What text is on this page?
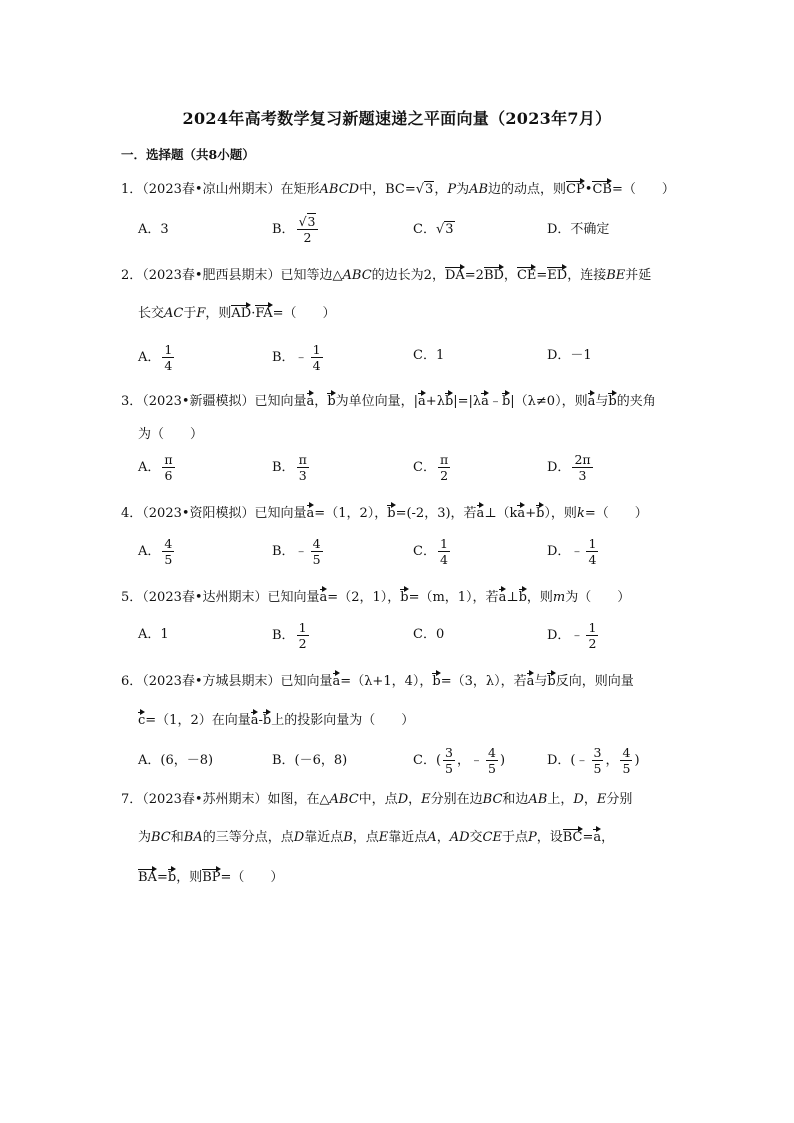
2024年高考数学复习新题速递之平面向量（2023年7月）
一．选择题（共8小题）
1．（2023春•凉山州期末）在矩形ABCD中，BC=√3，P为AB边的动点，则CP•CB=（　　）
A．3	B． $\frac{√3}{2}$	C．√3	D．不确定
2．（2023春•肥西县期末）已知等边△ABC的边长为2，DA=2BD，CE=ED，连接BE并延
长交AC于F，则AD·FA=（　　）
A． $\frac{1}{4}$	B．﹣ $\frac{1}{4}$	C．1	D．－1
3．（2023•新疆模拟）已知向量a，b为单位向量，|a+λb|=|λa﹣b|（λ≠0），则a与b的夹角
为（　　）
A． $\frac{\pi}{6}$	B． $\frac{\pi}{3}$	C． $\frac{\pi}{2}$	D． $\frac{2\pi}{3}$
4．（2023•资阳模拟）已知向量a=（1，2），b=(-2，3)，若a⊥（ka+b），则k=（　　）
A． $\frac{4}{5}$	B．﹣ $\frac{4}{5}$	C． $\frac{1}{4}$	D．﹣ $\frac{1}{4}$
5．（2023春•达州期末）已知向量a=（2，1），b=（m，1），若a⊥b，则m为（　　）
A．1	B． $\frac{1}{2}$	C．0	D．﹣ $\frac{1}{2}$
6．（2023春•方城县期末）已知向量a=（λ+1，4），b=（3，λ），若a与b反向，则向量
c=（1，2）在向量a-b上的投影向量为（　　）
A．(6，－8)	B．(－6，8)	C．( $\frac{3}{5}$ ，﹣ $\frac{4}{5}$ )	D．(﹣ $\frac{3}{5}$ ， $\frac{4}{5}$ )
7．（2023春•苏州期末）如图，在△ABC中，点D，E分别在边BC和边AB上，D，E分别
为BC和BA的三等分点，点D靠近点B，点E靠近点A，AD交CE于点P，设BC=a，
BA=b，则BP=（　　）
